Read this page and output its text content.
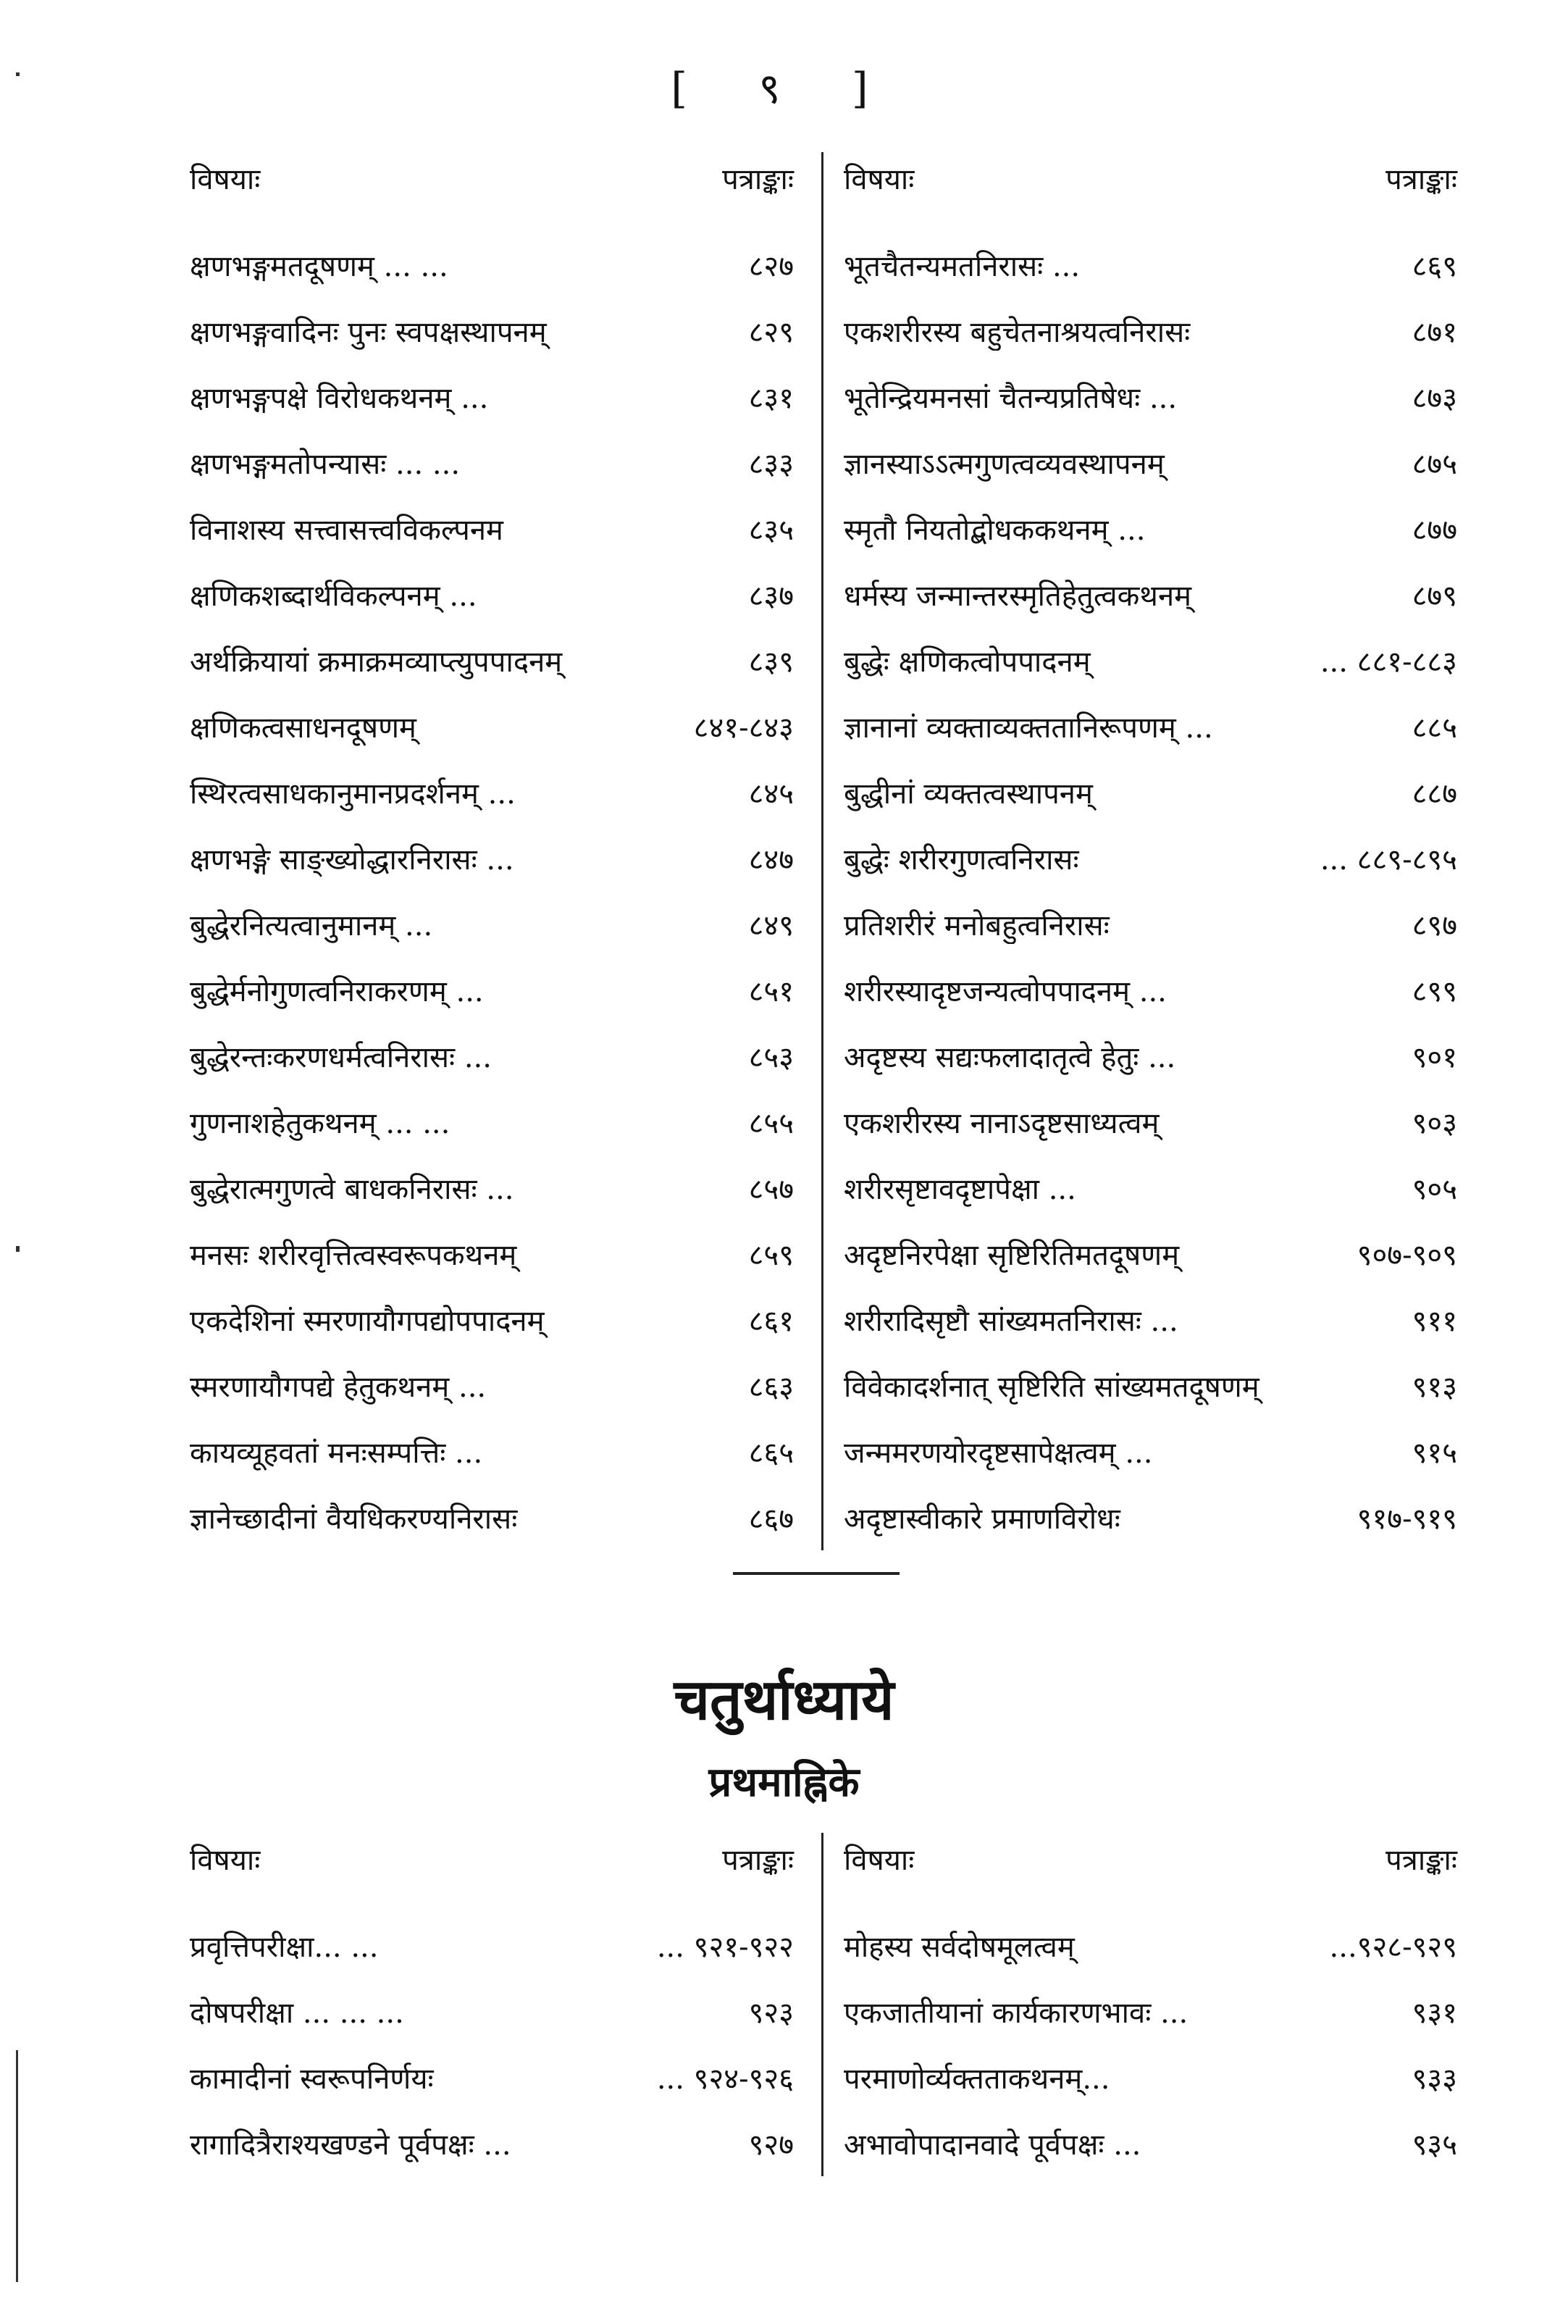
[ ९ ]
विषयाः	पत्राङ्काः
क्षणभङ्गमतदूषणम् ... ...	८२७
क्षणभङ्गवादिनः पुनः स्वपक्षस्थापनम्	८२९
क्षणभङ्गपक्षे विरोधकथनम् ...	८३१
क्षणभङ्गमतोपन्यासः ... ...	८३३
विनाशस्य सत्त्वासत्त्वविकल्पनम	८३५
क्षणिकशब्दार्थविकल्पनम् ...	८३७
अर्थक्रियायां क्रमाक्रमव्याप्त्युपपादनम्	८३९
क्षणिकत्वसाधनदूषणम्	८४१-८४३
स्थिरत्वसाधकानुमानप्रदर्शनम् ...	८४५
क्षणभङ्गे साङ्ख्योद्धारनिरासः ...	८४७
बुद्धेरनित्यत्वानुमानम् ...	८४९
बुद्धेर्मनोगुणत्वनिराकरणम् ...	८५१
बुद्धेरन्तःकरणधर्मत्वनिरासः ...	८५३
गुणनाशहेतुकथनम् ... ...	८५५
बुद्धेरात्मगुणत्वे बाधकनिरासः ...	८५७
मनसः शरीरवृत्तित्वस्वरूपकथनम्	८५९
एकदेशिनां स्मरणायौगपद्योपपादनम्	८६१
स्मरणायौगपद्ये हेतुकथनम् ...	८६३
कायव्यूहवतां मनःसम्पत्तिः ...	८६५
ज्ञानेच्छादीनां वैयधिकरण्यनिरासः	८६७
विषयाः	पत्राङ्काः
भूतचैतन्यमतनिरासः ...	८६९
एकशरीरस्य बहुचेतनाश्रयत्वनिरासः	८७१
भूतेन्द्रियमनसां चैतन्यप्रतिषेधः ...	८७३
ज्ञानस्याऽऽत्मगुणत्वव्यवस्थापनम्	८७५
स्मृतौ नियतोद्बोधककथनम् ...	८७७
धर्मस्य जन्मान्तरस्मृतिहेतुत्वकथनम्	८७९
बुद्धेः क्षणिकत्वोपपादनम्	... ८८१-८८३
ज्ञानानां व्यक्ताव्यक्ततानिरूपणम् ...	८८५
बुद्धीनां व्यक्तत्वस्थापनम्	८८७
बुद्धेः शरीरगुणत्वनिरासः	... ८८९-८९५
प्रतिशरीरं मनोबहुत्वनिरासः	८९७
शरीरस्यादृष्टजन्यत्वोपपादनम् ...	८९९
अदृष्टस्य सद्यःफलादातृत्वे हेतुः ...	९०१
एकशरीरस्य नानाऽदृष्टसाध्यत्वम्	९०३
शरीरसृष्टावदृष्टापेक्षा ...	९०५
अदृष्टनिरपेक्षा सृष्टिरितिमतदूषणम्	९०७-९०९
शरीरादिसृष्टौ सांख्यमतनिरासः ...	९११
विवेकादर्शनात् सृष्टिरिति सांख्यमतदूषणम्	९१३
जन्ममरणयोरदृष्टसापेक्षत्वम् ...	९१५
अदृष्टास्वीकारे प्रमाणविरोधः	९१७-९१९
चतुर्थाध्याये
प्रथमाह्निके
विषयाः	पत्राङ्काः
प्रवृत्तिपरीक्षा... ...	... ९२१-९२२
दोषपरीक्षा ... ... ...	९२३
कामादीनां स्वरूपनिर्णयः	... ९२४-९२६
रागादित्रैराश्यखण्डने पूर्वपक्षः ...	९२७
विषयाः	पत्राङ्काः
मोहस्य सर्वदोषमूलत्वम्	...९२८-९२९
एकजातीयानां कार्यकारणभावः ...	९३१
परमाणोर्व्यक्तताकथनम्...	९३३
अभावोपादानवादे पूर्वपक्षः ...	९३५
